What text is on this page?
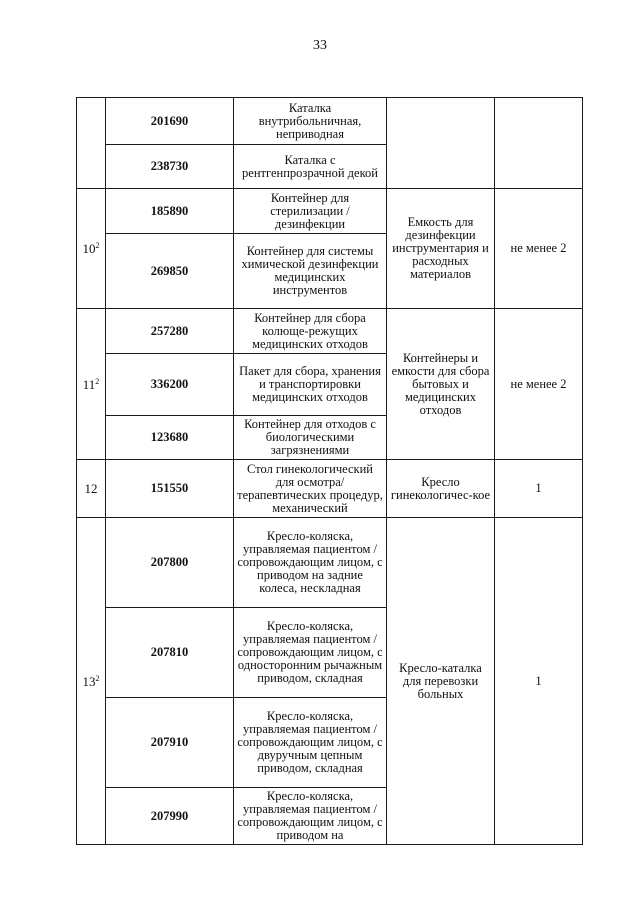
33
	201690	Каталка внутрибольничная, неприводная		
	238730	Каталка с рентгенпрозрачной декой		
$10^2$	185890	Контейнер для стерилизации /дезинфекции	Емкость для дезинфекции инструментария и расходных материалов	не менее 2
	269850	Контейнер для системы химической дезинфекции медицинских инструментов		
$11^2$	257280	Контейнер для сбора колюще-режущих медицинских отходов	Контейнеры и емкости для сбора бытовых и медицинских отходов	не менее 2
	336200	Пакет для сбора, хранения и транспортировки медицинских отходов		
	123680	Контейнер для отходов с биологическими загрязнениями		
12	151550	Стол гинекологический для осмотра/терапевтических процедур, механический	Кресло гинекологичес-кое	1
$13^2$	207800	Кресло-коляска, управляемая пациентом /сопровождающим лицом, с приводом на задние колеса, нескладная	Кресло-каталка для перевозки больных	1
	207810	Кресло-коляска, управляемая пациентом /сопровождающим лицом, с односторонним рычажным приводом, складная		
	207910	Кресло-коляска, управляемая пациентом /сопровождающим лицом, с двуручным цепным приводом, складная		
	207990	Кресло-коляска, управляемая пациентом /сопровождающим лицом, с приводом на		
